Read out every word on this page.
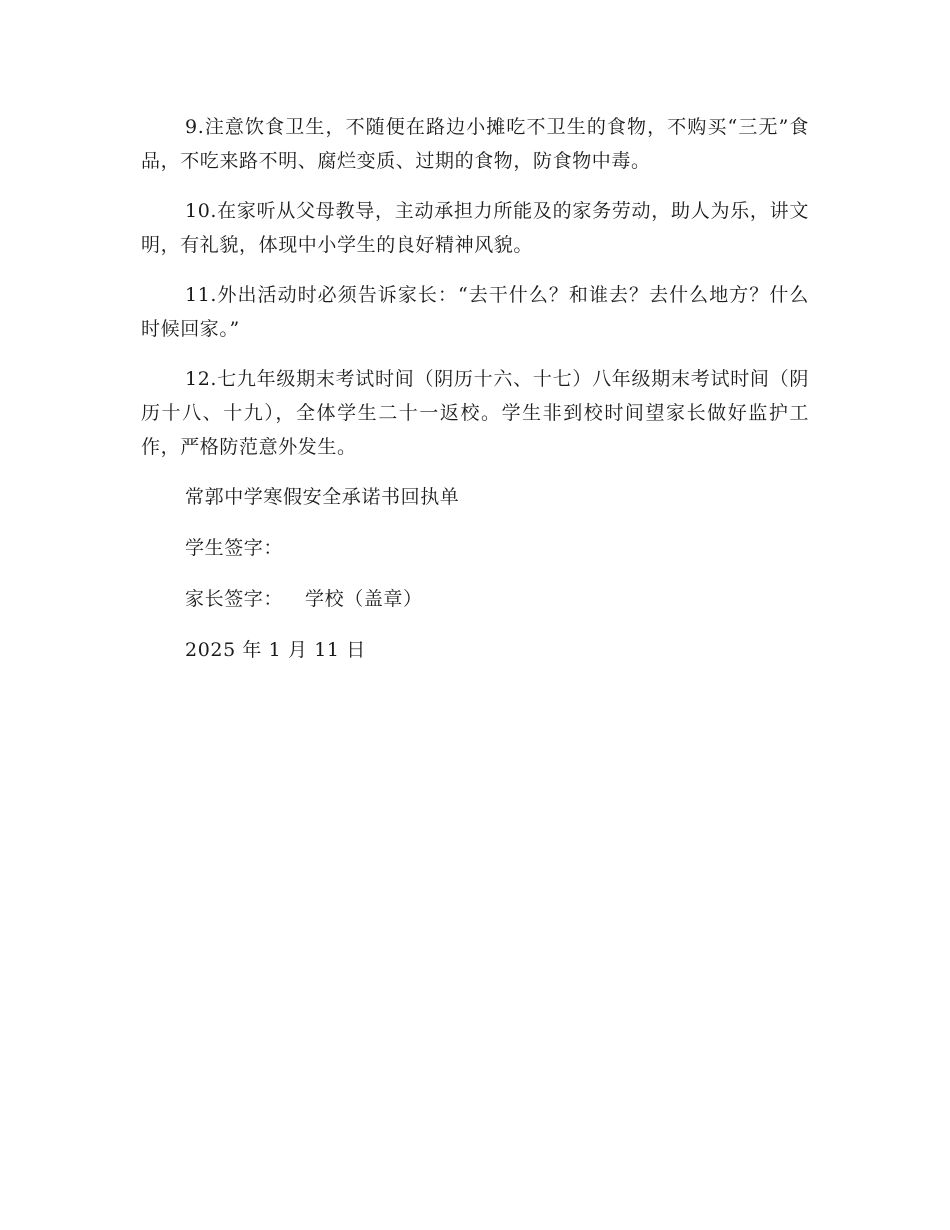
9.注意饮食卫生，不随便在路边小摊吃不卫生的食物，不购买“三无”食品，不吃来路不明、腐烂变质、过期的食物，防食物中毒。

10.在家听从父母教导，主动承担力所能及的家务劳动，助人为乐，讲文明，有礼貌，体现中小学生的良好精神风貌。

11.外出活动时必须告诉家长：“去干什么？和谁去？去什么地方？什么时候回家。”

12.七九年级期末考试时间（阴历十六、十七）八年级期末考试时间（阴历十八、十九），全体学生二十一返校。学生非到校时间望家长做好监护工作，严格防范意外发生。

常郭中学寒假安全承诺书回执单
学生签字：
家长签字： 学校（盖章）
2025 年 1 月 11 日
